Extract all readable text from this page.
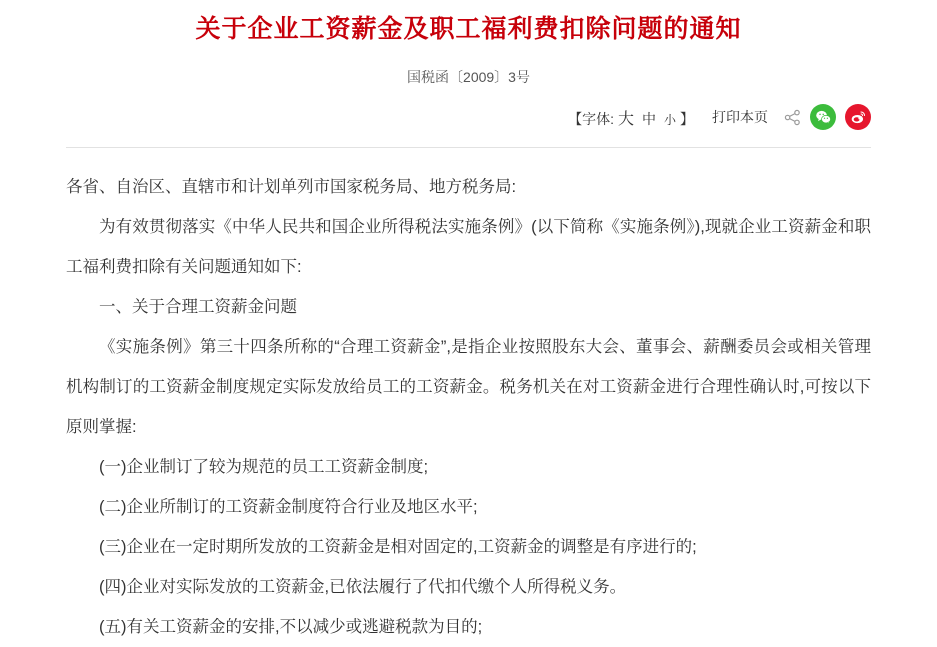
关于企业工资薪金及职工福利费扣除问题的通知
国税函〔2009〕3号
【字体: 大 中 小 】 打印本页

各省、自治区、直辖市和计划单列市国家税务局、地方税务局:

为有效贯彻落实《中华人民共和国企业所得税法实施条例》(以下简称《实施条例》),现就企业工资薪金和职工福利费扣除有关问题通知如下:

一、关于合理工资薪金问题

《实施条例》第三十四条所称的“合理工资薪金”,是指企业按照股东大会、董事会、薪酬委员会或相关管理机构制订的工资薪金制度规定实际发放给员工的工资薪金。税务机关在对工资薪金进行合理性确认时,可按以下原则掌握:

(一)企业制订了较为规范的员工工资薪金制度;

(二)企业所制订的工资薪金制度符合行业及地区水平;

(三)企业在一定时期所发放的工资薪金是相对固定的,工资薪金的调整是有序进行的;

(四)企业对实际发放的工资薪金,已依法履行了代扣代缴个人所得税义务。

(五)有关工资薪金的安排,不以减少或逃避税款为目的;
